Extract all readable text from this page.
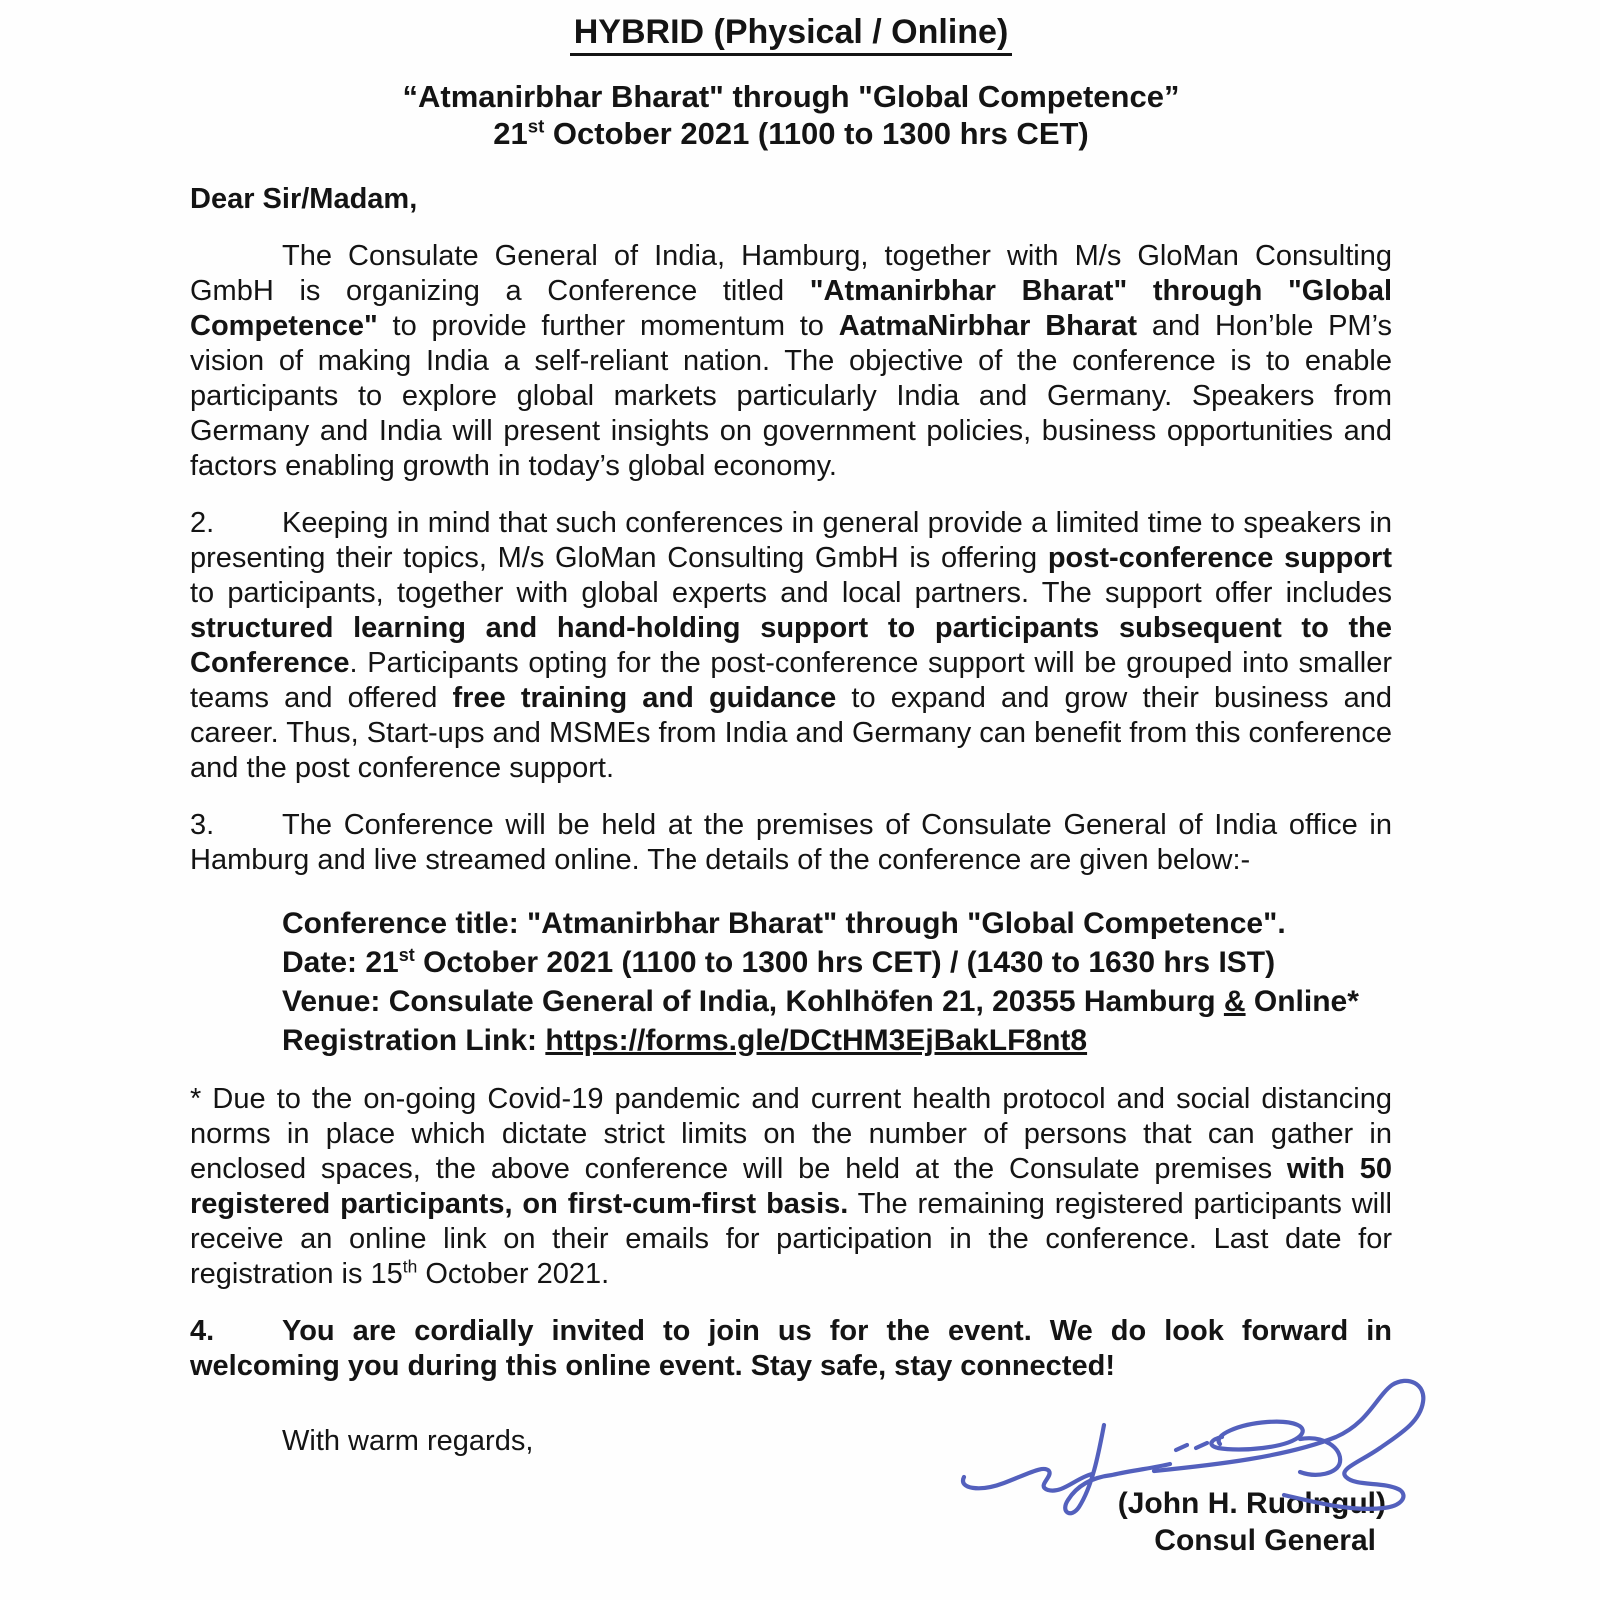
HYBRID (Physical / Online)
“Atmanirbhar Bharat" through "Global Competence”
21st October 2021 (1100 to 1300 hrs CET)

Dear Sir/Madam,

The Consulate General of India, Hamburg, together with M/s GloMan Consulting GmbH is organizing a Conference titled "Atmanirbhar Bharat" through "Global Competence" to provide further momentum to AatmaNirbhar Bharat and Hon’ble PM’s vision of making India a self-reliant nation. The objective of the conference is to enable participants to explore global markets particularly India and Germany. Speakers from Germany and India will present insights on government policies, business opportunities and factors enabling growth in today’s global economy.

2. Keeping in mind that such conferences in general provide a limited time to speakers in presenting their topics, M/s GloMan Consulting GmbH is offering post-conference support to participants, together with global experts and local partners. The support offer includes structured learning and hand-holding support to participants subsequent to the Conference. Participants opting for the post-conference support will be grouped into smaller teams and offered free training and guidance to expand and grow their business and career. Thus, Start-ups and MSMEs from India and Germany can benefit from this conference and the post conference support.

3. The Conference will be held at the premises of Consulate General of India office in Hamburg and live streamed online. The details of the conference are given below:-

Conference title: "Atmanirbhar Bharat" through "Global Competence".
Date: 21st October 2021 (1100 to 1300 hrs CET) / (1430 to 1630 hrs IST)
Venue: Consulate General of India, Kohlhöfen 21, 20355 Hamburg & Online*
Registration Link: https://forms.gle/DCtHM3EjBakLF8nt8

* Due to the on-going Covid-19 pandemic and current health protocol and social distancing norms in place which dictate strict limits on the number of persons that can gather in enclosed spaces, the above conference will be held at the Consulate premises with 50 registered participants, on first-cum-first basis. The remaining registered participants will receive an online link on their emails for participation in the conference. Last date for registration is 15th October 2021.

4. You are cordially invited to join us for the event. We do look forward in welcoming you during this online event. Stay safe, stay connected!

With warm regards,

(John H. Ruolngul)
Consul General
